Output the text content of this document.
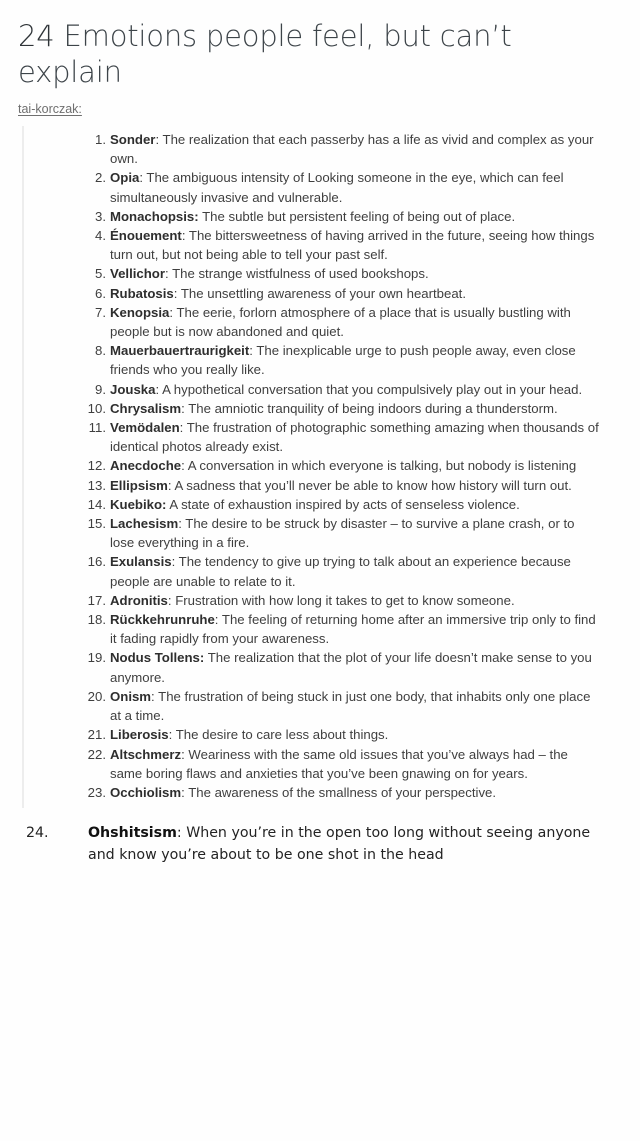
24 Emotions people feel, but can’t explain
tai-korczak:
Sonder: The realization that each passerby has a life as vivid and complex as your own.
Opia: The ambiguous intensity of Looking someone in the eye, which can feel simultaneously invasive and vulnerable.
Monachopsis: The subtle but persistent feeling of being out of place.
Énouement: The bittersweetness of having arrived in the future, seeing how things turn out, but not being able to tell your past self.
Vellichor: The strange wistfulness of used bookshops.
Rubatosis: The unsettling awareness of your own heartbeat.
Kenopsia: The eerie, forlorn atmosphere of a place that is usually bustling with people but is now abandoned and quiet.
Mauerbauertraurigkeit: The inexplicable urge to push people away, even close friends who you really like.
Jouska: A hypothetical conversation that you compulsively play out in your head.
Chrysalism: The amniotic tranquility of being indoors during a thunderstorm.
Vemödalen: The frustration of photographic something amazing when thousands of identical photos already exist.
Anecdoche: A conversation in which everyone is talking, but nobody is listening
Ellipsism: A sadness that you’ll never be able to know how history will turn out.
Kuebiko: A state of exhaustion inspired by acts of senseless violence.
Lachesism: The desire to be struck by disaster – to survive a plane crash, or to lose everything in a fire.
Exulansis: The tendency to give up trying to talk about an experience because people are unable to relate to it.
Adronitis: Frustration with how long it takes to get to know someone.
Rückkehrunruhe: The feeling of returning home after an immersive trip only to find it fading rapidly from your awareness.
Nodus Tollens: The realization that the plot of your life doesn’t make sense to you anymore.
Onism: The frustration of being stuck in just one body, that inhabits only one place at a time.
Liberosis: The desire to care less about things.
Altschmerz: Weariness with the same old issues that you’ve always had – the same boring flaws and anxieties that you’ve been gnawing on for years.
Occhiolism: The awareness of the smallness of your perspective.
24.	Ohshitsism: When you’re in the open too long without seeing anyone and know you’re about to be one shot in the head
